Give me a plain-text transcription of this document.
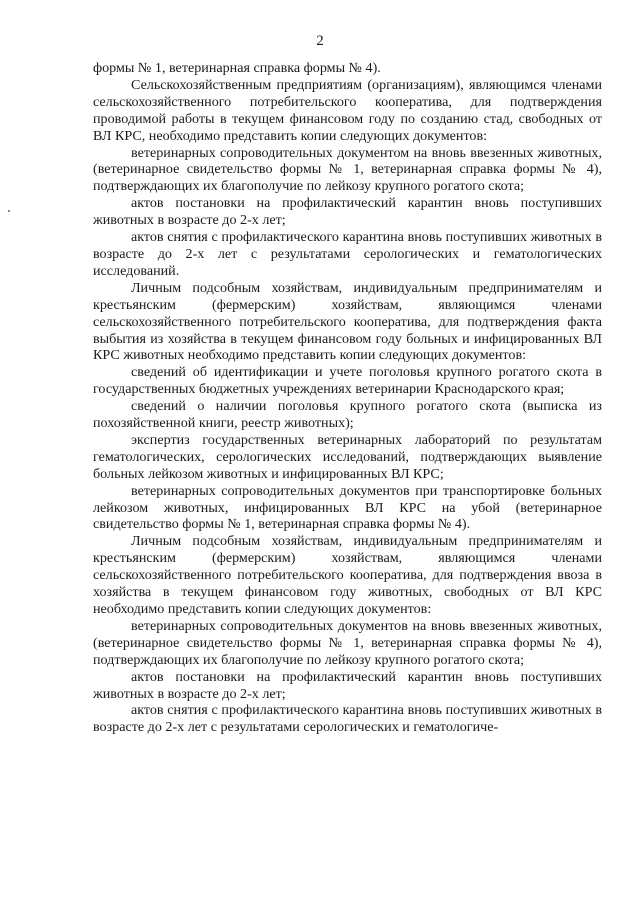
2

формы № 1, ветеринарная справка формы № 4).

Сельскохозяйственным предприятиям (организациям), являющимся членами сельскохозяйственного потребительского кооператива, для подтверждения проводимой работы в текущем финансовом году по созданию стад, свободных от ВЛ КРС, необходимо представить копии следующих документов:

ветеринарных сопроводительных документом на вновь ввезенных животных, (ветеринарное свидетельство формы № 1, ветеринарная справка формы № 4), подтверждающих их благополучие по лейкозу крупного рогатого скота;

актов постановки на профилактический карантин вновь поступивших животных в возрасте до 2-х лет;

актов снятия с профилактического карантина вновь поступивших животных в возрасте до 2-х лет с результатами серологических и гематологических исследований.

Личным подсобным хозяйствам, индивидуальным предпринимателям и крестьянским (фермерским) хозяйствам, являющимся членами сельскохозяйственного потребительского кооператива, для подтверждения факта выбытия из хозяйства в текущем финансовом году больных и инфицированных ВЛ КРС животных необходимо представить копии следующих документов:

сведений об идентификации и учете поголовья крупного рогатого скота в государственных бюджетных учреждениях ветеринарии Краснодарского края;

сведений о наличии поголовья крупного рогатого скота (выписка из похозяйственной книги, реестр животных);

экспертиз государственных ветеринарных лабораторий по результатам гематологических, серологических исследований, подтверждающих выявление больных лейкозом животных и инфицированных ВЛ КРС;

ветеринарных сопроводительных документов при транспортировке больных лейкозом животных, инфицированных ВЛ КРС на убой (ветеринарное свидетельство формы № 1, ветеринарная справка формы № 4).

Личным подсобным хозяйствам, индивидуальным предпринимателям и крестьянским (фермерским) хозяйствам, являющимся членами сельскохозяйственного потребительского кооператива, для подтверждения ввоза в хозяйства в текущем финансовом году животных, свободных от ВЛ КРС необходимо представить копии следующих документов:

ветеринарных сопроводительных документов на вновь ввезенных животных, (ветеринарное свидетельство формы № 1, ветеринарная справка формы № 4), подтверждающих их благополучие по лейкозу крупного рогатого скота;

актов постановки на профилактический карантин вновь поступивших животных в возрасте до 2-х лет;

актов снятия с профилактического карантина вновь поступивших животных в возрасте до 2-х лет с результатами серологических и гематологиче-
